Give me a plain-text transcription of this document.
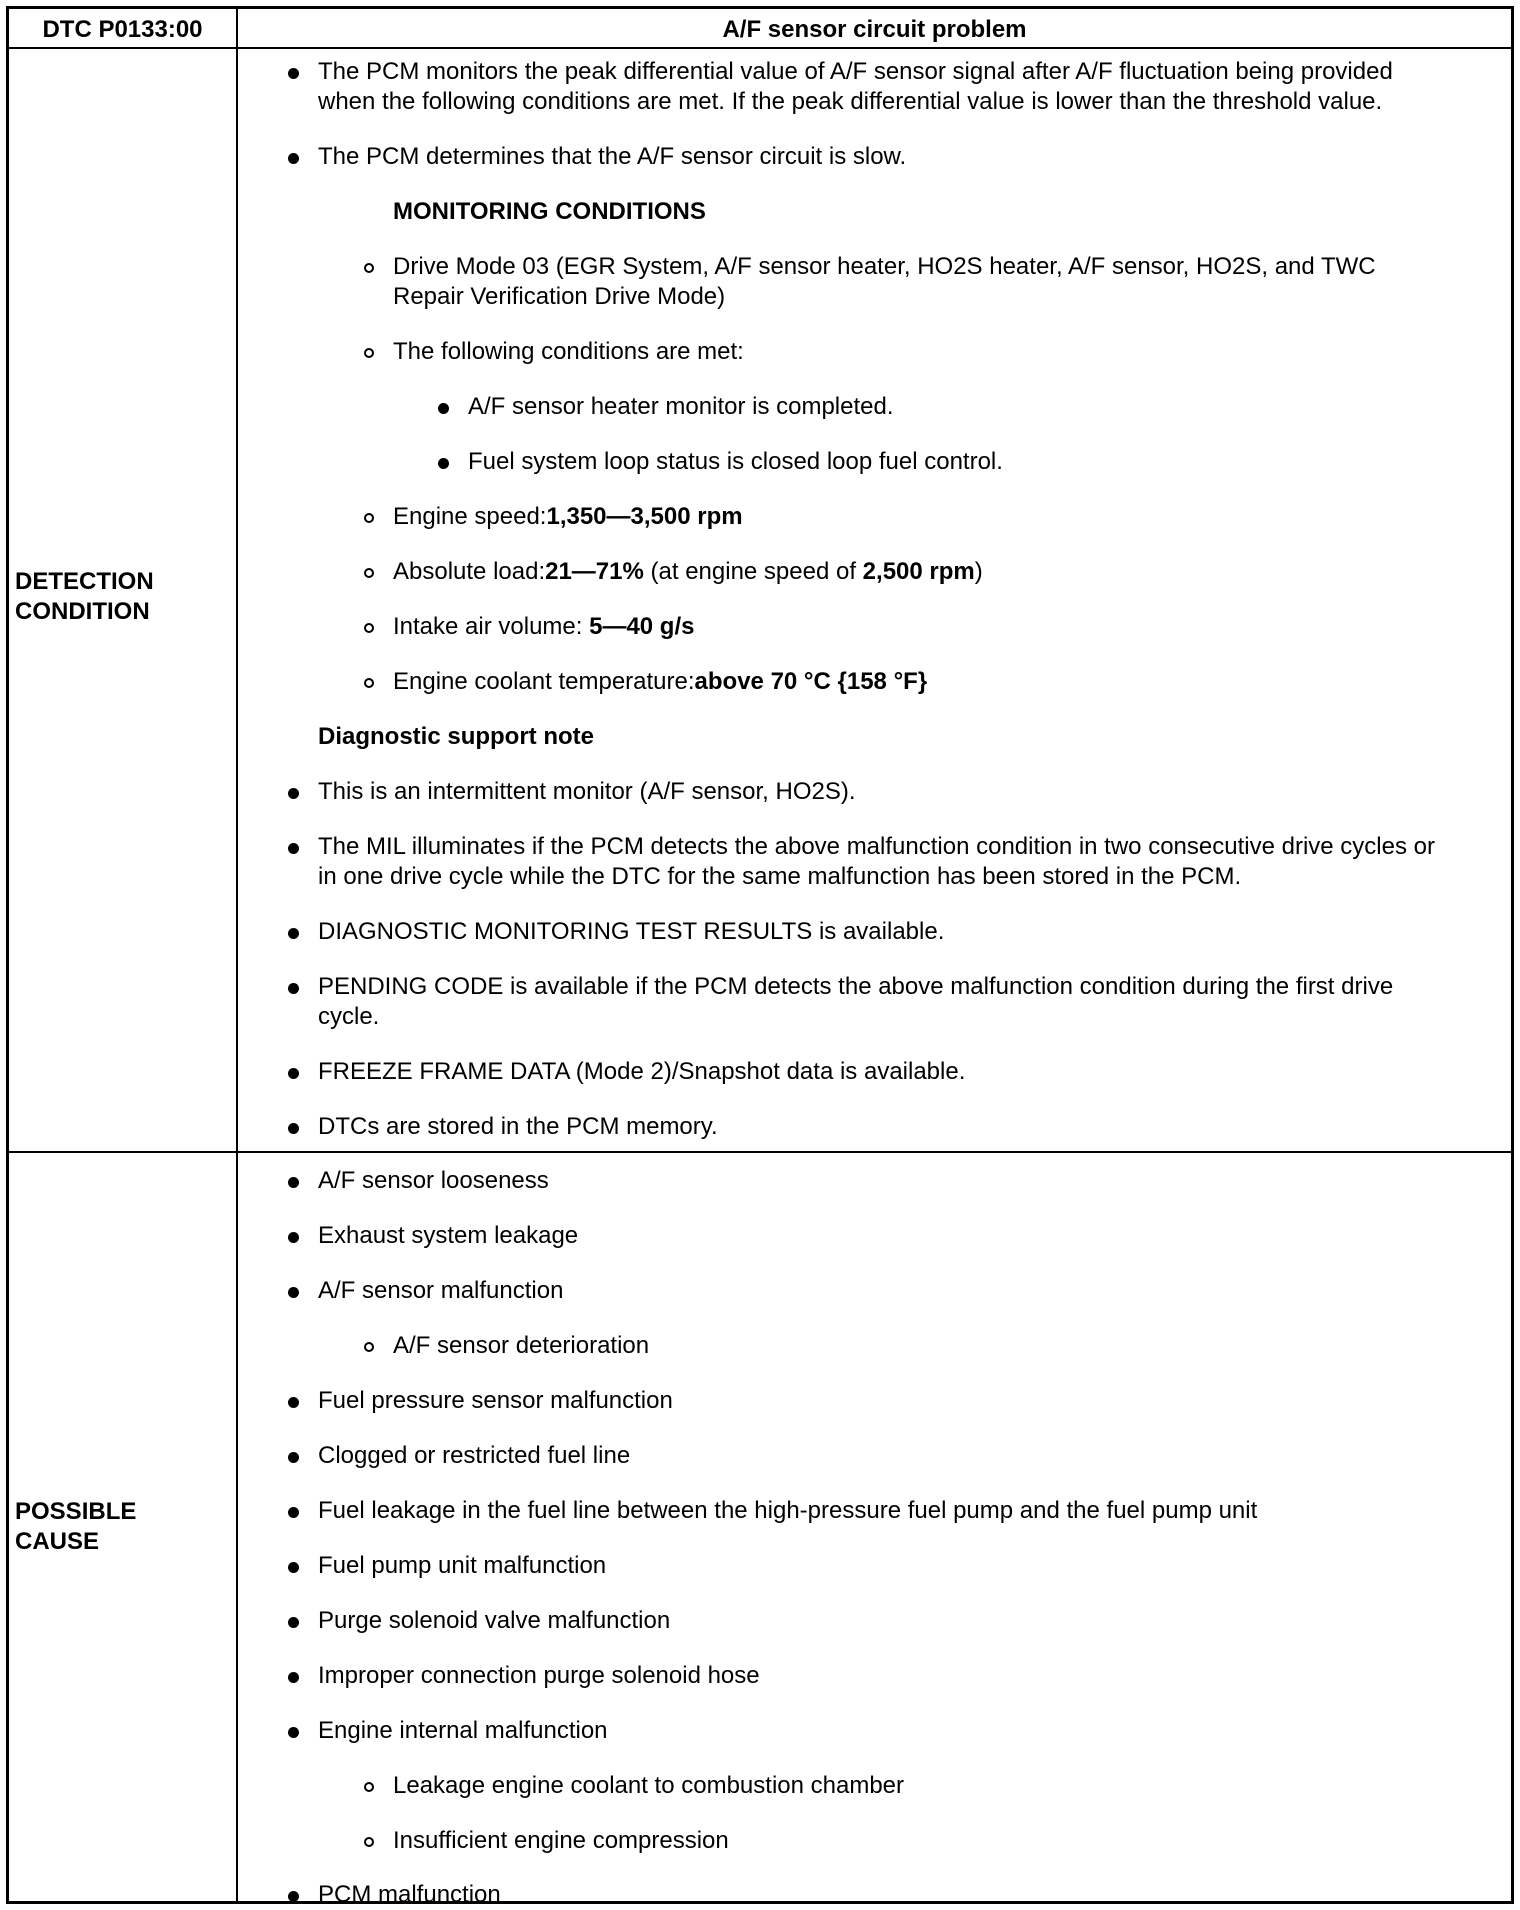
DTC P0133:00	A/F sensor circuit problem
DETECTION
CONDITION
POSSIBLE
CAUSE
The PCM monitors the peak differential value of A/F sensor signal after A/F fluctuation being provided
when the following conditions are met. If the peak differential value is lower than the threshold value.
The PCM determines that the A/F sensor circuit is slow.
MONITORING CONDITIONS
Drive Mode 03 (EGR System, A/F sensor heater, HO2S heater, A/F sensor, HO2S, and TWC
Repair Verification Drive Mode)
The following conditions are met:
A/F sensor heater monitor is completed.
Fuel system loop status is closed loop fuel control.
Engine speed:1,350—3,500 rpm
Absolute load:21—71% (at engine speed of 2,500 rpm)
Intake air volume: 5—40 g/s
Engine coolant temperature:above 70 °C {158 °F}
Diagnostic support note
This is an intermittent monitor (A/F sensor, HO2S).
The MIL illuminates if the PCM detects the above malfunction condition in two consecutive drive cycles or
in one drive cycle while the DTC for the same malfunction has been stored in the PCM.
DIAGNOSTIC MONITORING TEST RESULTS is available.
PENDING CODE is available if the PCM detects the above malfunction condition during the first drive
cycle.
FREEZE FRAME DATA (Mode 2)/Snapshot data is available.
DTCs are stored in the PCM memory.
A/F sensor looseness
Exhaust system leakage
A/F sensor malfunction
A/F sensor deterioration
Fuel pressure sensor malfunction
Clogged or restricted fuel line
Fuel leakage in the fuel line between the high-pressure fuel pump and the fuel pump unit
Fuel pump unit malfunction
Purge solenoid valve malfunction
Improper connection purge solenoid hose
Engine internal malfunction
Leakage engine coolant to combustion chamber
Insufficient engine compression
PCM malfunction
